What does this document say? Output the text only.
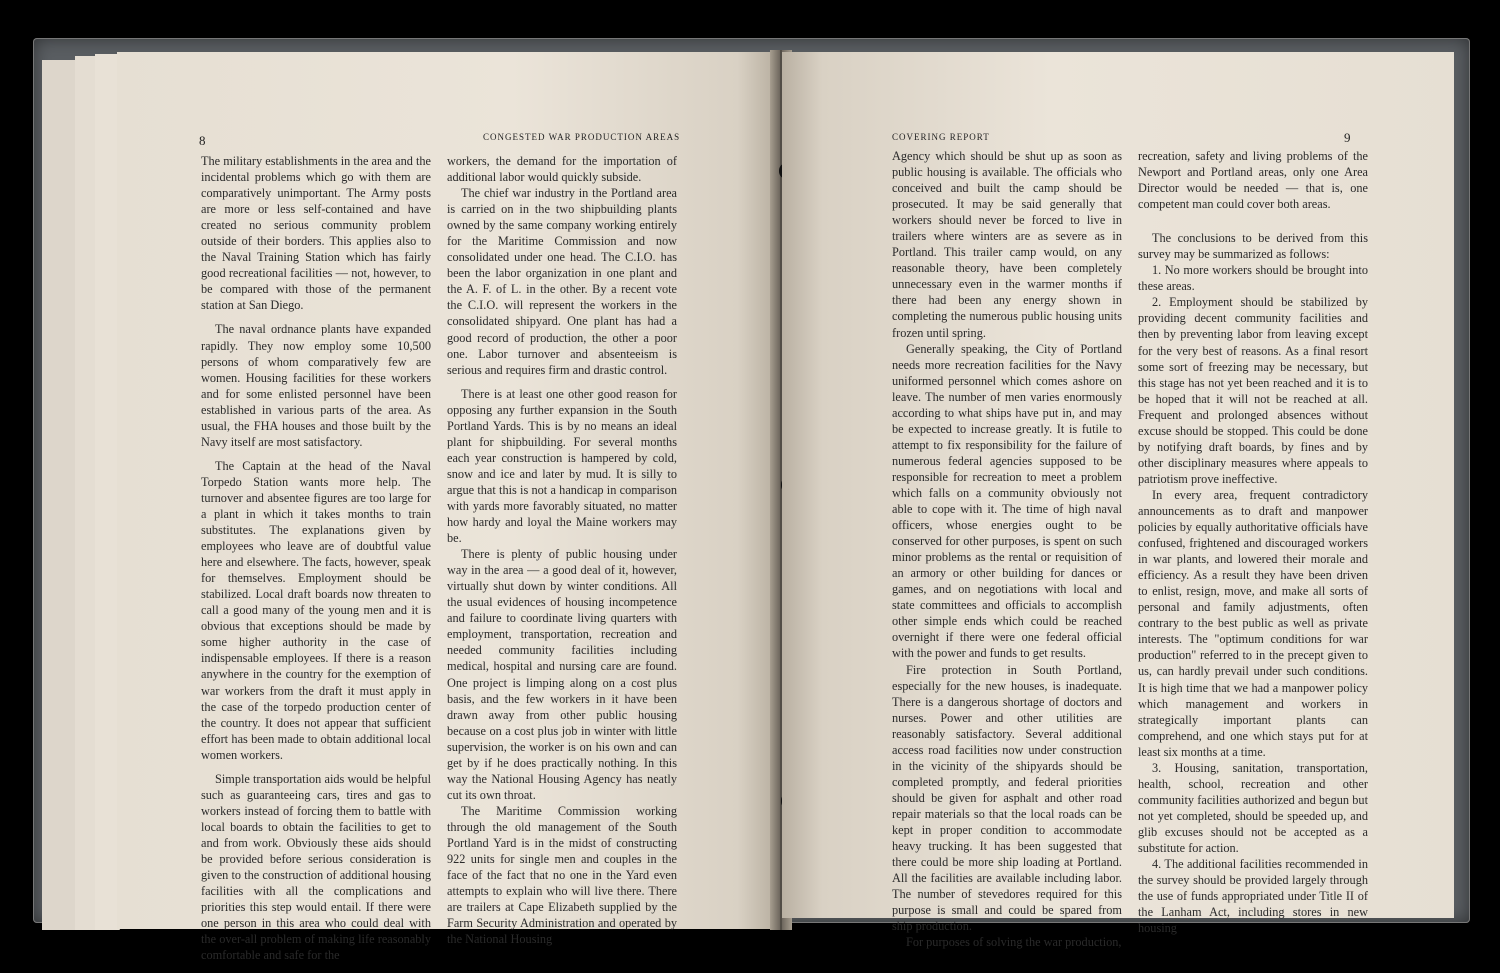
8	CONGESTED WAR PRODUCTION AREAS

The military establishments in the area and the incidental problems which go with them are comparatively unimportant. The Army posts are more or less self-contained and have created no serious community problem outside of their borders. This applies also to the Naval Training Station which has fairly good recreational facilities — not, however, to be compared with those of the permanent station at San Diego.

The naval ordnance plants have expanded rapidly. They now employ some 10,500 persons of whom comparatively few are women. Housing facilities for these workers and for some enlisted personnel have been established in various parts of the area. As usual, the FHA houses and those built by the Navy itself are most satisfactory.

The Captain at the head of the Naval Torpedo Station wants more help. The turnover and absentee figures are too large for a plant in which it takes months to train substitutes. The explanations given by employees who leave are of doubtful value here and elsewhere. The facts, however, speak for themselves. Employment should be stabilized. Local draft boards now threaten to call a good many of the young men and it is obvious that exceptions should be made by some higher authority in the case of indispensable employees. If there is a reason anywhere in the country for the exemption of war workers from the draft it must apply in the case of the torpedo production center of the country. It does not appear that sufficient effort has been made to obtain additional local women workers.

Simple transportation aids would be helpful such as guaranteeing cars, tires and gas to workers instead of forcing them to battle with local boards to obtain the facilities to get to and from work. Obviously these aids should be provided before serious consideration is given to the construction of additional housing facilities with all the complications and priorities this step would entail. If there were one person in this area who could deal with the over-all problem of making life reasonably comfortable and safe for the

workers, the demand for the importation of additional labor would quickly subside.

The chief war industry in the Portland area is carried on in the two shipbuilding plants owned by the same company working entirely for the Maritime Commission and now consolidated under one head. The C.I.O. has been the labor organization in one plant and the A. F. of L. in the other. By a recent vote the C.I.O. will represent the workers in the consolidated shipyard. One plant has had a good record of production, the other a poor one. Labor turnover and absenteeism is serious and requires firm and drastic control.

There is at least one other good reason for opposing any further expansion in the South Portland Yards. This is by no means an ideal plant for shipbuilding. For several months each year construction is hampered by cold, snow and ice and later by mud. It is silly to argue that this is not a handicap in comparison with yards more favorably situated, no matter how hardy and loyal the Maine workers may be.

There is plenty of public housing under way in the area — a good deal of it, however, virtually shut down by winter conditions. All the usual evidences of housing incompetence and failure to coordinate living quarters with employment, transportation, recreation and needed community facilities including medical, hospital and nursing care are found. One project is limping along on a cost plus basis, and the few workers in it have been drawn away from other public housing because on a cost plus job in winter with little supervision, the worker is on his own and can get by if he does practically nothing. In this way the National Housing Agency has neatly cut its own throat.

The Maritime Commission working through the old management of the South Portland Yard is in the midst of constructing 922 units for single men and couples in the face of the fact that no one in the Yard even attempts to explain who will live there. There are trailers at Cape Elizabeth supplied by the Farm Security Administration and operated by the National Housing

COVERING REPORT	9

Agency which should be shut up as soon as public housing is available. The officials who conceived and built the camp should be prosecuted. It may be said generally that workers should never be forced to live in trailers where winters are as severe as in Portland. This trailer camp would, on any reasonable theory, have been completely unnecessary even in the warmer months if there had been any energy shown in completing the numerous public housing units frozen until spring.

Generally speaking, the City of Portland needs more recreation facilities for the Navy uniformed personnel which comes ashore on leave. The number of men varies enormously according to what ships have put in, and may be expected to increase greatly. It is futile to attempt to fix responsibility for the failure of numerous federal agencies supposed to be responsible for recreation to meet a problem which falls on a community obviously not able to cope with it. The time of high naval officers, whose energies ought to be conserved for other purposes, is spent on such minor problems as the rental or requisition of an armory or other building for dances or games, and on negotiations with local and state committees and officials to accomplish other simple ends which could be reached overnight if there were one federal official with the power and funds to get results.

Fire protection in South Portland, especially for the new houses, is inadequate. There is a dangerous shortage of doctors and nurses. Power and other utilities are reasonably satisfactory. Several additional access road facilities now under construction in the vicinity of the shipyards should be completed promptly, and federal priorities should be given for asphalt and other road repair materials so that the local roads can be kept in proper condition to accommodate heavy trucking. It has been suggested that there could be more ship loading at Portland. All the facilities are available including labor. The number of stevedores required for this purpose is small and could be spared from ship production.

For purposes of solving the war production,

recreation, safety and living problems of the Newport and Portland areas, only one Area Director would be needed — that is, one competent man could cover both areas.

The conclusions to be derived from this survey may be summarized as follows:

1. No more workers should be brought into these areas.

2. Employment should be stabilized by providing decent community facilities and then by preventing labor from leaving except for the very best of reasons. As a final resort some sort of freezing may be necessary, but this stage has not yet been reached and it is to be hoped that it will not be reached at all. Frequent and prolonged absences without excuse should be stopped. This could be done by notifying draft boards, by fines and by other disciplinary measures where appeals to patriotism prove ineffective.

In every area, frequent contradictory announcements as to draft and manpower policies by equally authoritative officials have confused, frightened and discouraged workers in war plants, and lowered their morale and efficiency. As a result they have been driven to enlist, resign, move, and make all sorts of personal and family adjustments, often contrary to the best public as well as private interests. The "optimum conditions for war production" referred to in the precept given to us, can hardly prevail under such conditions. It is high time that we had a manpower policy which management and workers in strategically important plants can comprehend, and one which stays put for at least six months at a time.

3. Housing, sanitation, transportation, health, school, recreation and other community facilities authorized and begun but not yet completed, should be speeded up, and glib excuses should not be accepted as a substitute for action.

4. The additional facilities recommended in the survey should be provided largely through the use of funds appropriated under Title II of the Lanham Act, including stores in new housing
